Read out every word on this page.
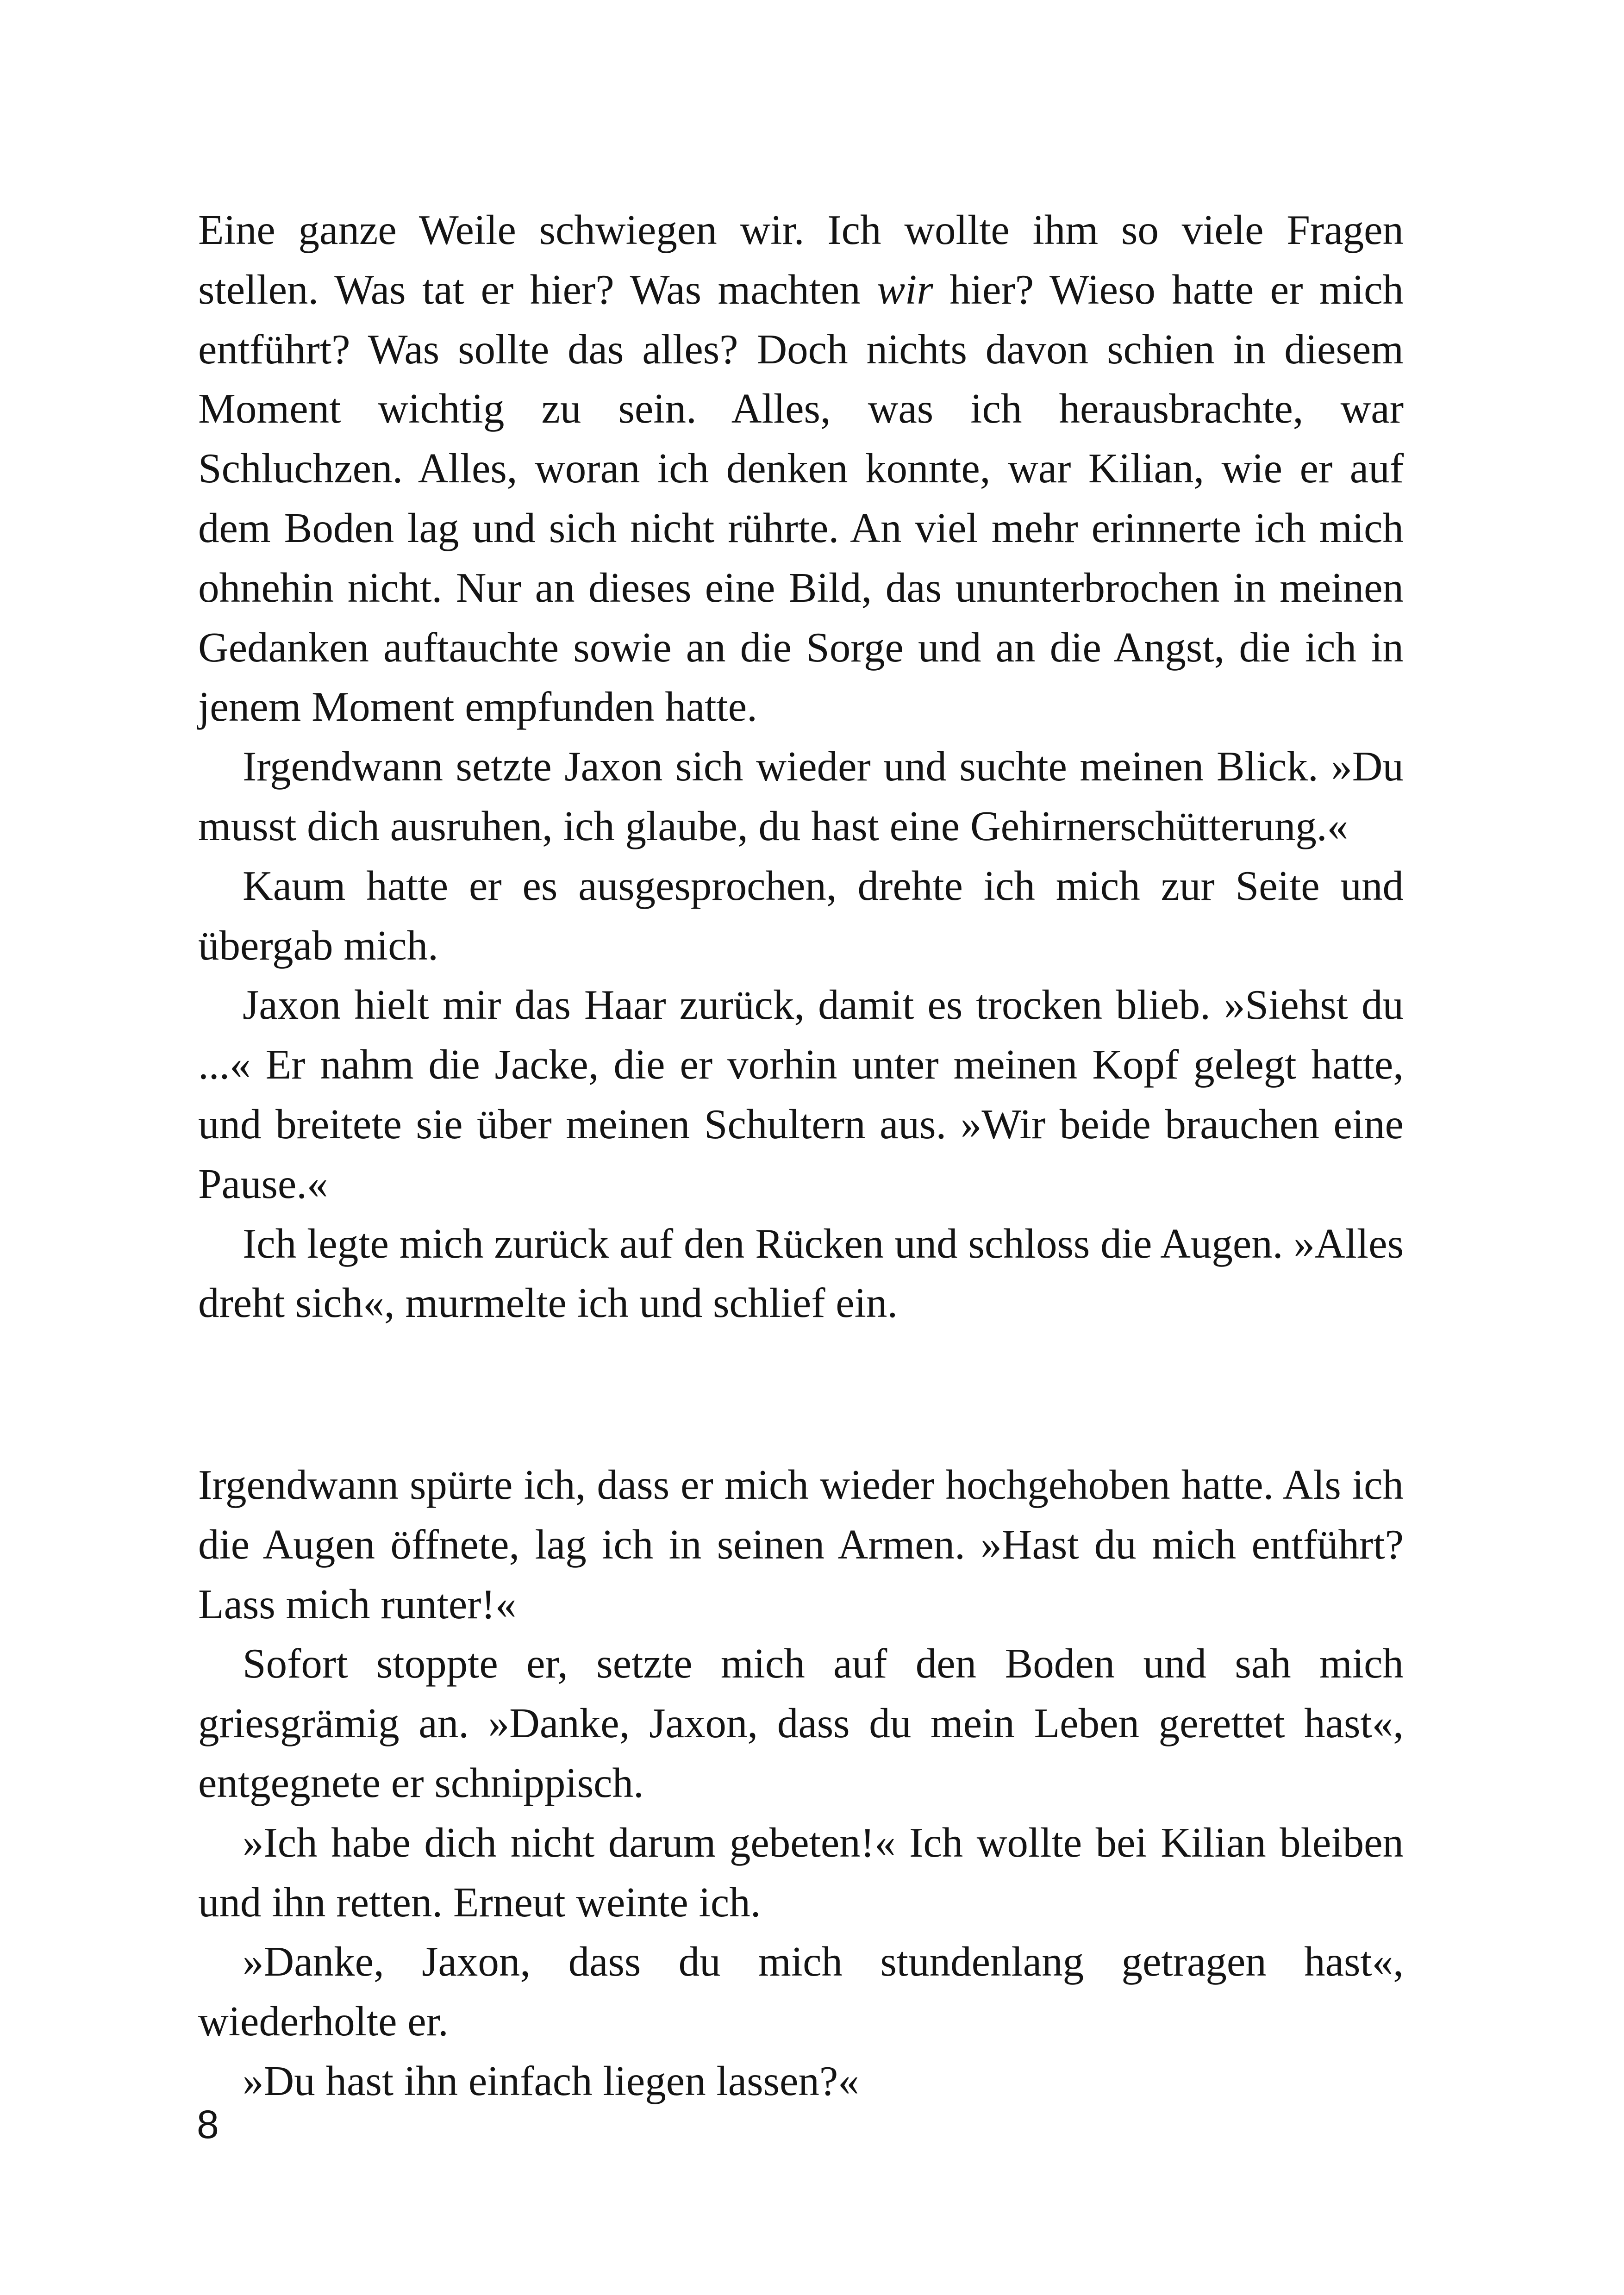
Eine ganze Weile schwiegen wir. Ich wollte ihm so viele Fragen stellen. Was tat er hier? Was machten wir hier? Wieso hatte er mich entführt? Was sollte das alles? Doch nichts davon schien in diesem Moment wichtig zu sein. Alles, was ich herausbrachte, war Schluchzen. Alles, woran ich denken konnte, war Kilian, wie er auf dem Boden lag und sich nicht rührte. An viel mehr erinnerte ich mich ohnehin nicht. Nur an dieses eine Bild, das ununterbrochen in meinen Gedanken auftauchte sowie an die Sorge und an die Angst, die ich in jenem Moment empfunden hatte.

Irgendwann setzte Jaxon sich wieder und suchte meinen Blick. »Du musst dich ausruhen, ich glaube, du hast eine Gehirnerschütterung.«

Kaum hatte er es ausgesprochen, drehte ich mich zur Seite und übergab mich.

Jaxon hielt mir das Haar zurück, damit es trocken blieb. »Siehst du ...« Er nahm die Jacke, die er vorhin unter meinen Kopf gelegt hatte, und breitete sie über meinen Schultern aus. »Wir beide brauchen eine Pause.«

Ich legte mich zurück auf den Rücken und schloss die Augen. »Alles dreht sich«, murmelte ich und schlief ein.

Irgendwann spürte ich, dass er mich wieder hochgehoben hatte. Als ich die Augen öffnete, lag ich in seinen Armen. »Hast du mich entführt? Lass mich runter!«

Sofort stoppte er, setzte mich auf den Boden und sah mich griesgrämig an. »Danke, Jaxon, dass du mein Leben gerettet hast«, entgegnete er schnippisch.

»Ich habe dich nicht darum gebeten!« Ich wollte bei Kilian bleiben und ihn retten. Erneut weinte ich.

»Danke, Jaxon, dass du mich stundenlang getragen hast«, wiederholte er.

»Du hast ihn einfach liegen lassen?«

8
